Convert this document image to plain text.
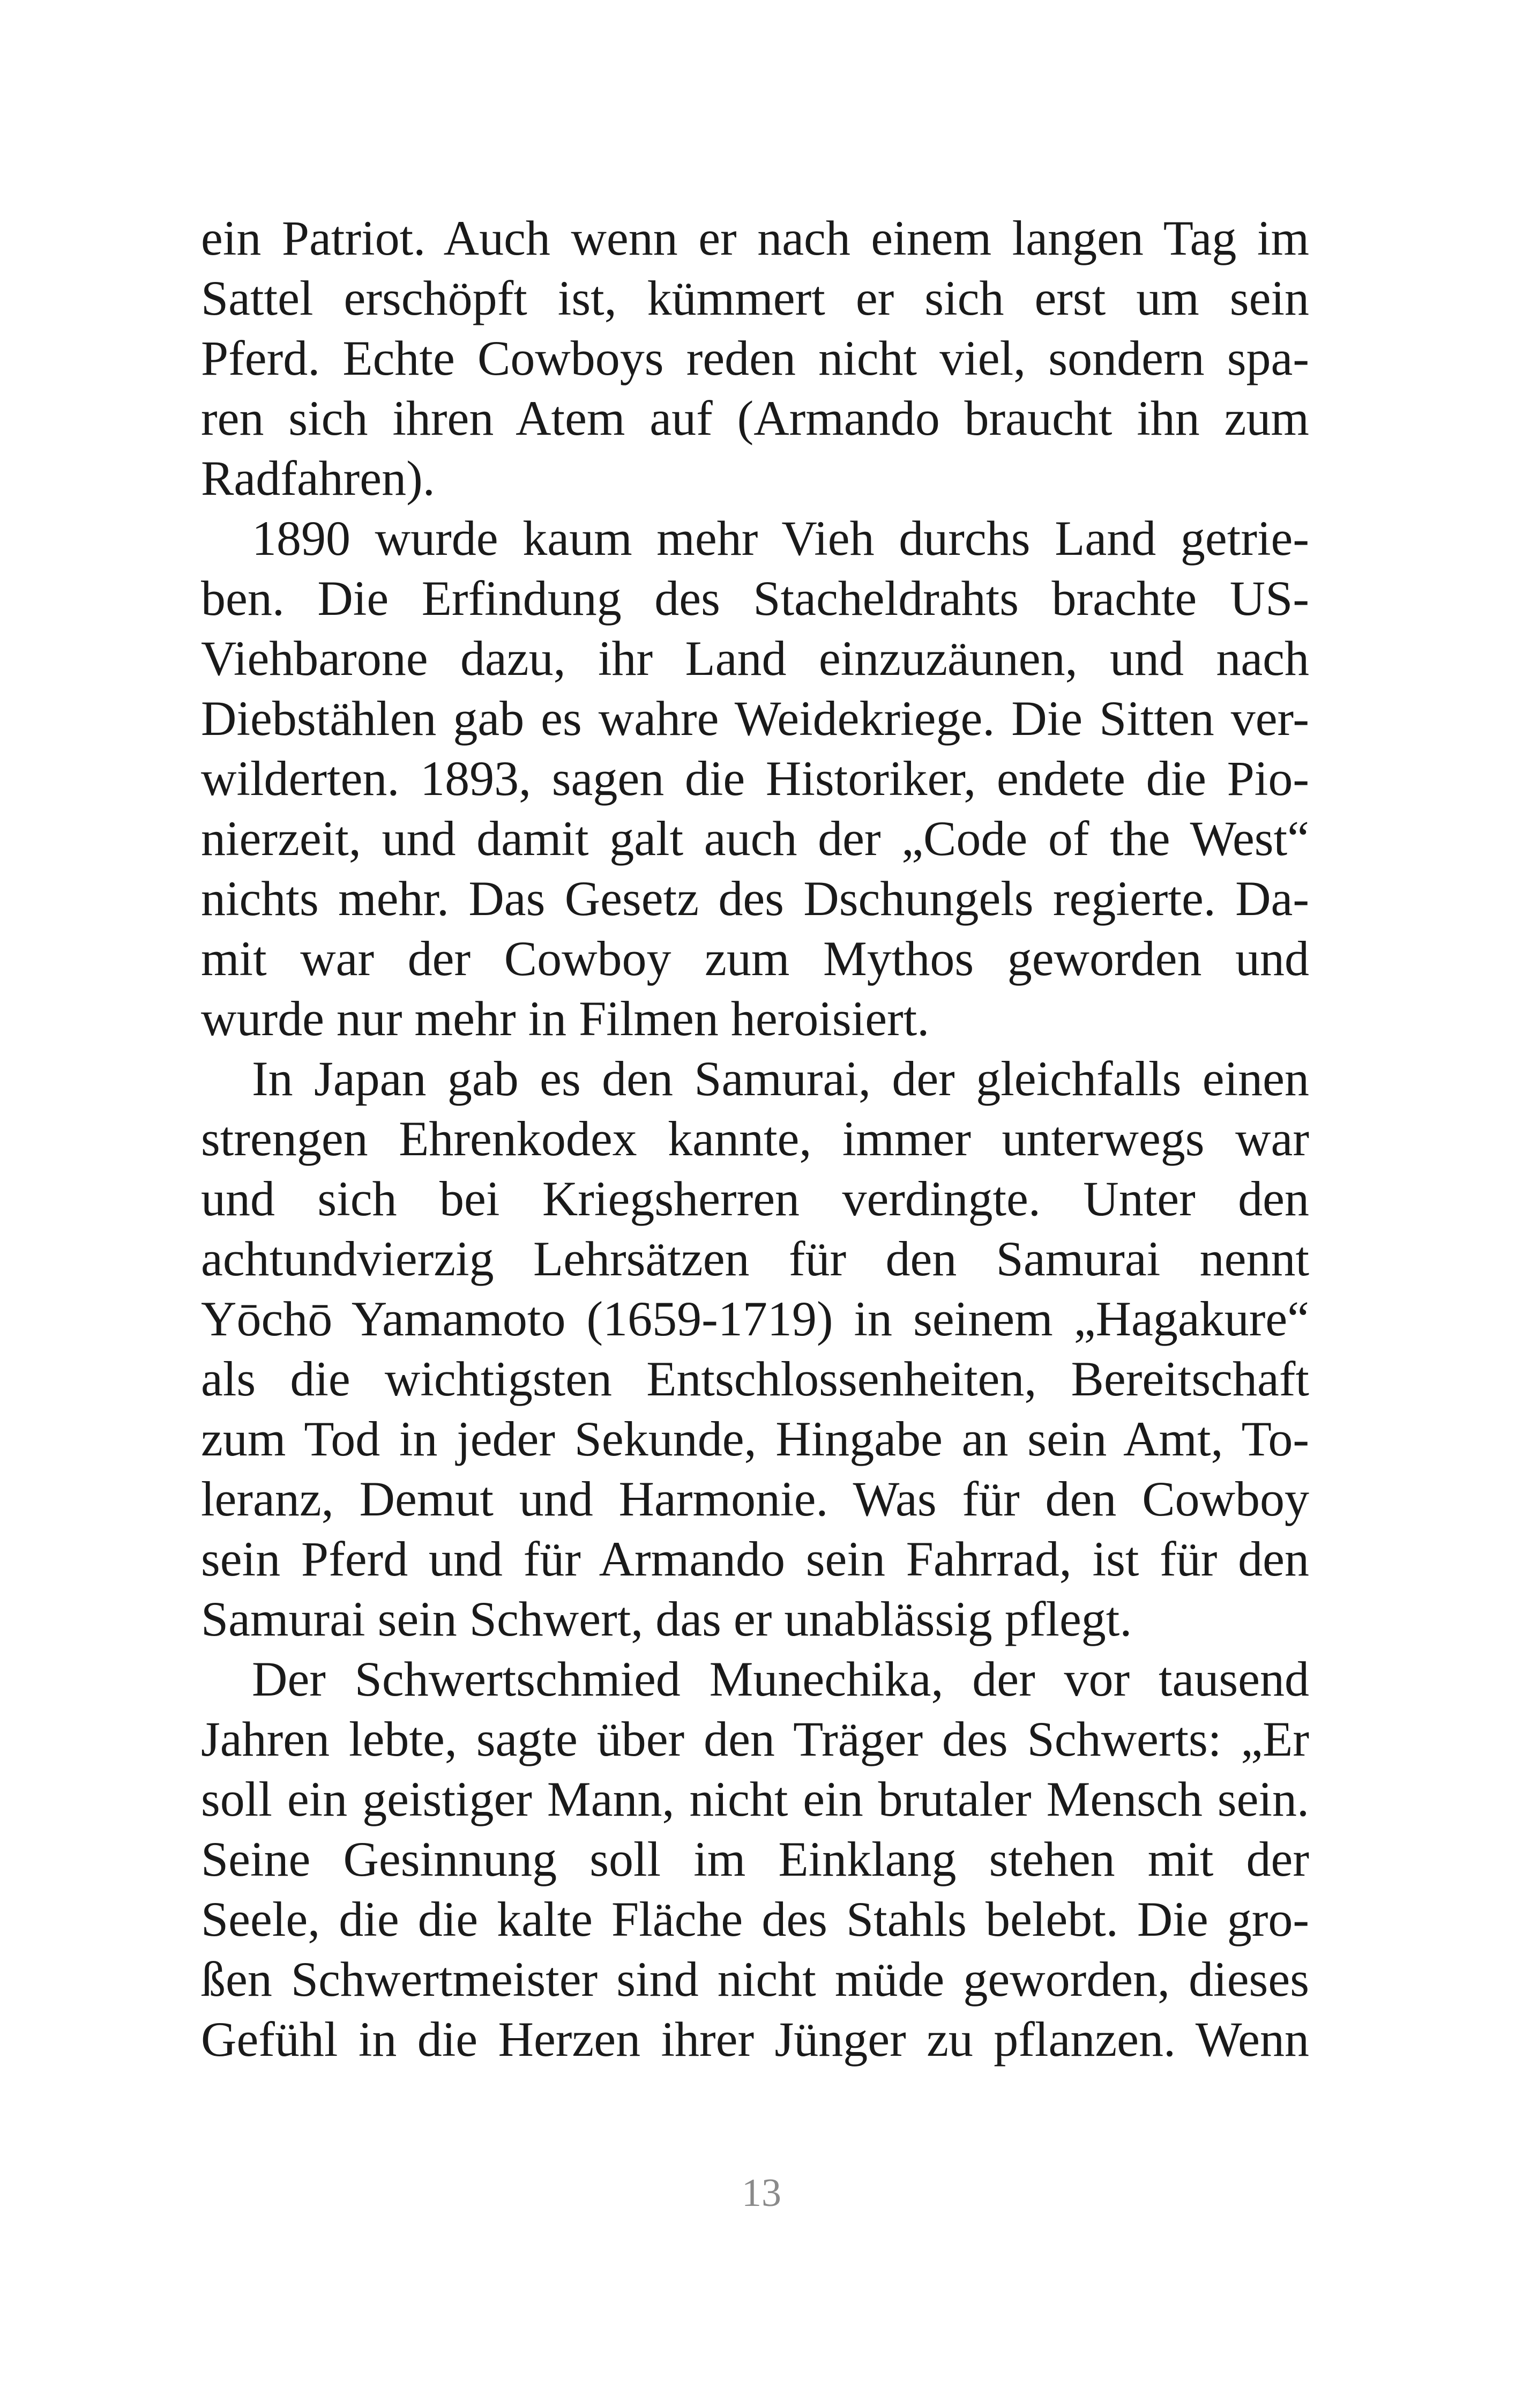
ein Patriot. Auch wenn er nach einem langen Tag im
Sattel erschöpft ist, kümmert er sich erst um sein
Pferd. Echte Cowboys reden nicht viel, sondern spa-
ren sich ihren Atem auf (Armando braucht ihn zum
Radfahren).
1890 wurde kaum mehr Vieh durchs Land getrie-
ben. Die Erfindung des Stacheldrahts brachte US-
Viehbarone dazu, ihr Land einzuzäunen, und nach
Diebstählen gab es wahre Weidekriege. Die Sitten ver-
wilderten. 1893, sagen die Historiker, endete die Pio-
nierzeit, und damit galt auch der „Code of the West“
nichts mehr. Das Gesetz des Dschungels regierte. Da-
mit war der Cowboy zum Mythos geworden und
wurde nur mehr in Filmen heroisiert.
In Japan gab es den Samurai, der gleichfalls einen
strengen Ehrenkodex kannte, immer unterwegs war
und sich bei Kriegsherren verdingte. Unter den
achtundvierzig Lehrsätzen für den Samurai nennt
Yōchō Yamamoto (1659-1719) in seinem „Hagakure“
als die wichtigsten Entschlossenheiten, Bereitschaft
zum Tod in jeder Sekunde, Hingabe an sein Amt, To-
leranz, Demut und Harmonie. Was für den Cowboy
sein Pferd und für Armando sein Fahrrad, ist für den
Samurai sein Schwert, das er unablässig pflegt.
Der Schwertschmied Munechika, der vor tausend
Jahren lebte, sagte über den Träger des Schwerts: „Er
soll ein geistiger Mann, nicht ein brutaler Mensch sein.
Seine Gesinnung soll im Einklang stehen mit der
Seele, die die kalte Fläche des Stahls belebt. Die gro-
ßen Schwertmeister sind nicht müde geworden, dieses
Gefühl in die Herzen ihrer Jünger zu pflanzen. Wenn
13
